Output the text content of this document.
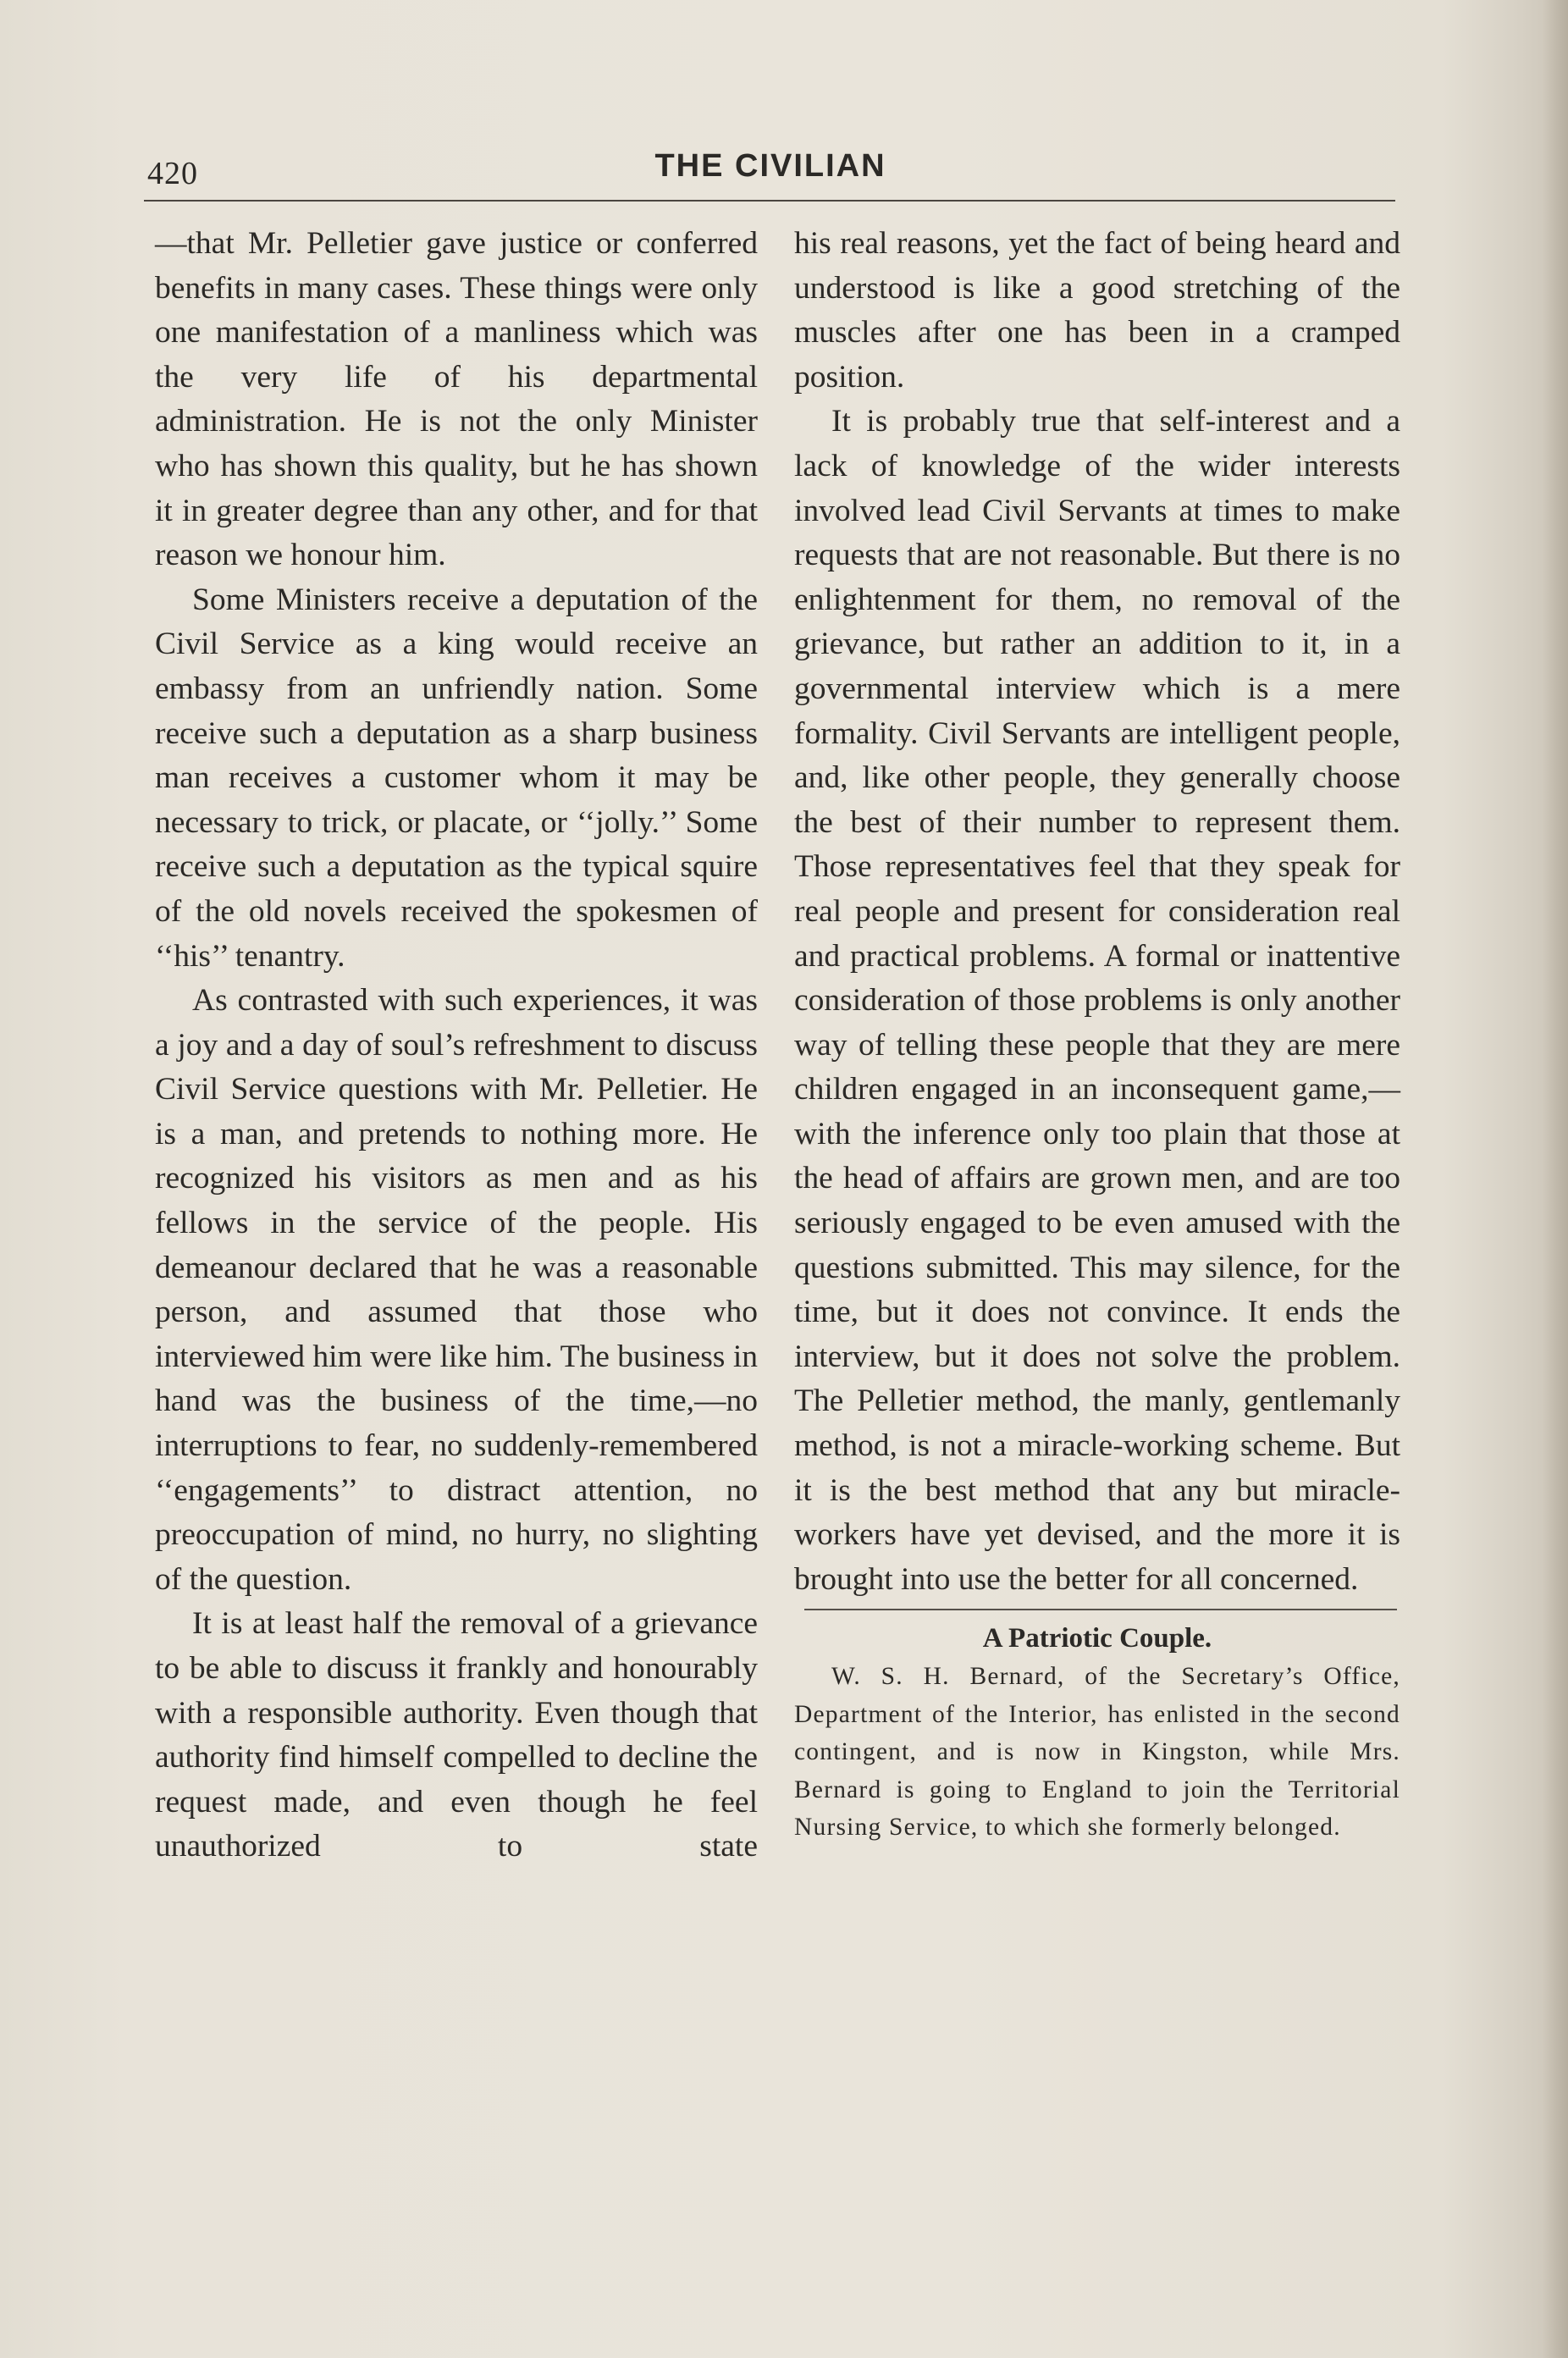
420	THE CIVILIAN

—that Mr. Pelletier gave justice or conferred benefits in many cases. These things were only one manifestation of a manliness which was the very life of his departmental administration. He is not the only Minister who has shown this quality, but he has shown it in greater degree than any other, and for that reason we honour him.

Some Ministers receive a deputation of the Civil Service as a king would receive an embassy from an unfriendly nation. Some receive such a deputation as a sharp business man receives a customer whom it may be necessary to trick, or placate, or ‘‘jolly.’’ Some receive such a deputation as the typical squire of the old novels received the spokesmen of ‘‘his’’ tenantry.

As contrasted with such experiences, it was a joy and a day of soul’s refreshment to discuss Civil Service questions with Mr. Pelletier. He is a man, and pretends to nothing more. He recognized his visitors as men and as his fellows in the service of the people. His demeanour declared that he was a reasonable person, and assumed that those who interviewed him were like him. The business in hand was the business of the time,—no interruptions to fear, no suddenly-remembered ‘‘engagements’’ to distract attention, no preoccupation of mind, no hurry, no slighting of the question.

It is at least half the removal of a grievance to be able to discuss it frankly and honourably with a responsible authority. Even though that authority find himself compelled to decline the request made, and even though he feel unauthorized to state

his real reasons, yet the fact of being heard and understood is like a good stretching of the muscles after one has been in a cramped position.

It is probably true that self-interest and a lack of knowledge of the wider interests involved lead Civil Servants at times to make requests that are not reasonable. But there is no enlightenment for them, no removal of the grievance, but rather an addition to it, in a governmental interview which is a mere formality. Civil Servants are intelligent people, and, like other people, they generally choose the best of their number to represent them. Those representatives feel that they speak for real people and present for consideration real and practical problems. A formal or inattentive consideration of those problems is only another way of telling these people that they are mere children engaged in an inconsequent game,—with the inference only too plain that those at the head of affairs are grown men, and are too seriously engaged to be even amused with the questions submitted. This may silence, for the time, but it does not convince. It ends the interview, but it does not solve the problem. The Pelletier method, the manly, gentlemanly method, is not a miracle-working scheme. But it is the best method that any but miracle-workers have yet devised, and the more it is brought into use the better for all concerned.

A Patriotic Couple.

W. S. H. Bernard, of the Secretary’s Office, Department of the Interior, has enlisted in the second contingent, and is now in Kingston, while Mrs. Bernard is going to England to join the Territorial Nursing Service, to which she formerly belonged.
